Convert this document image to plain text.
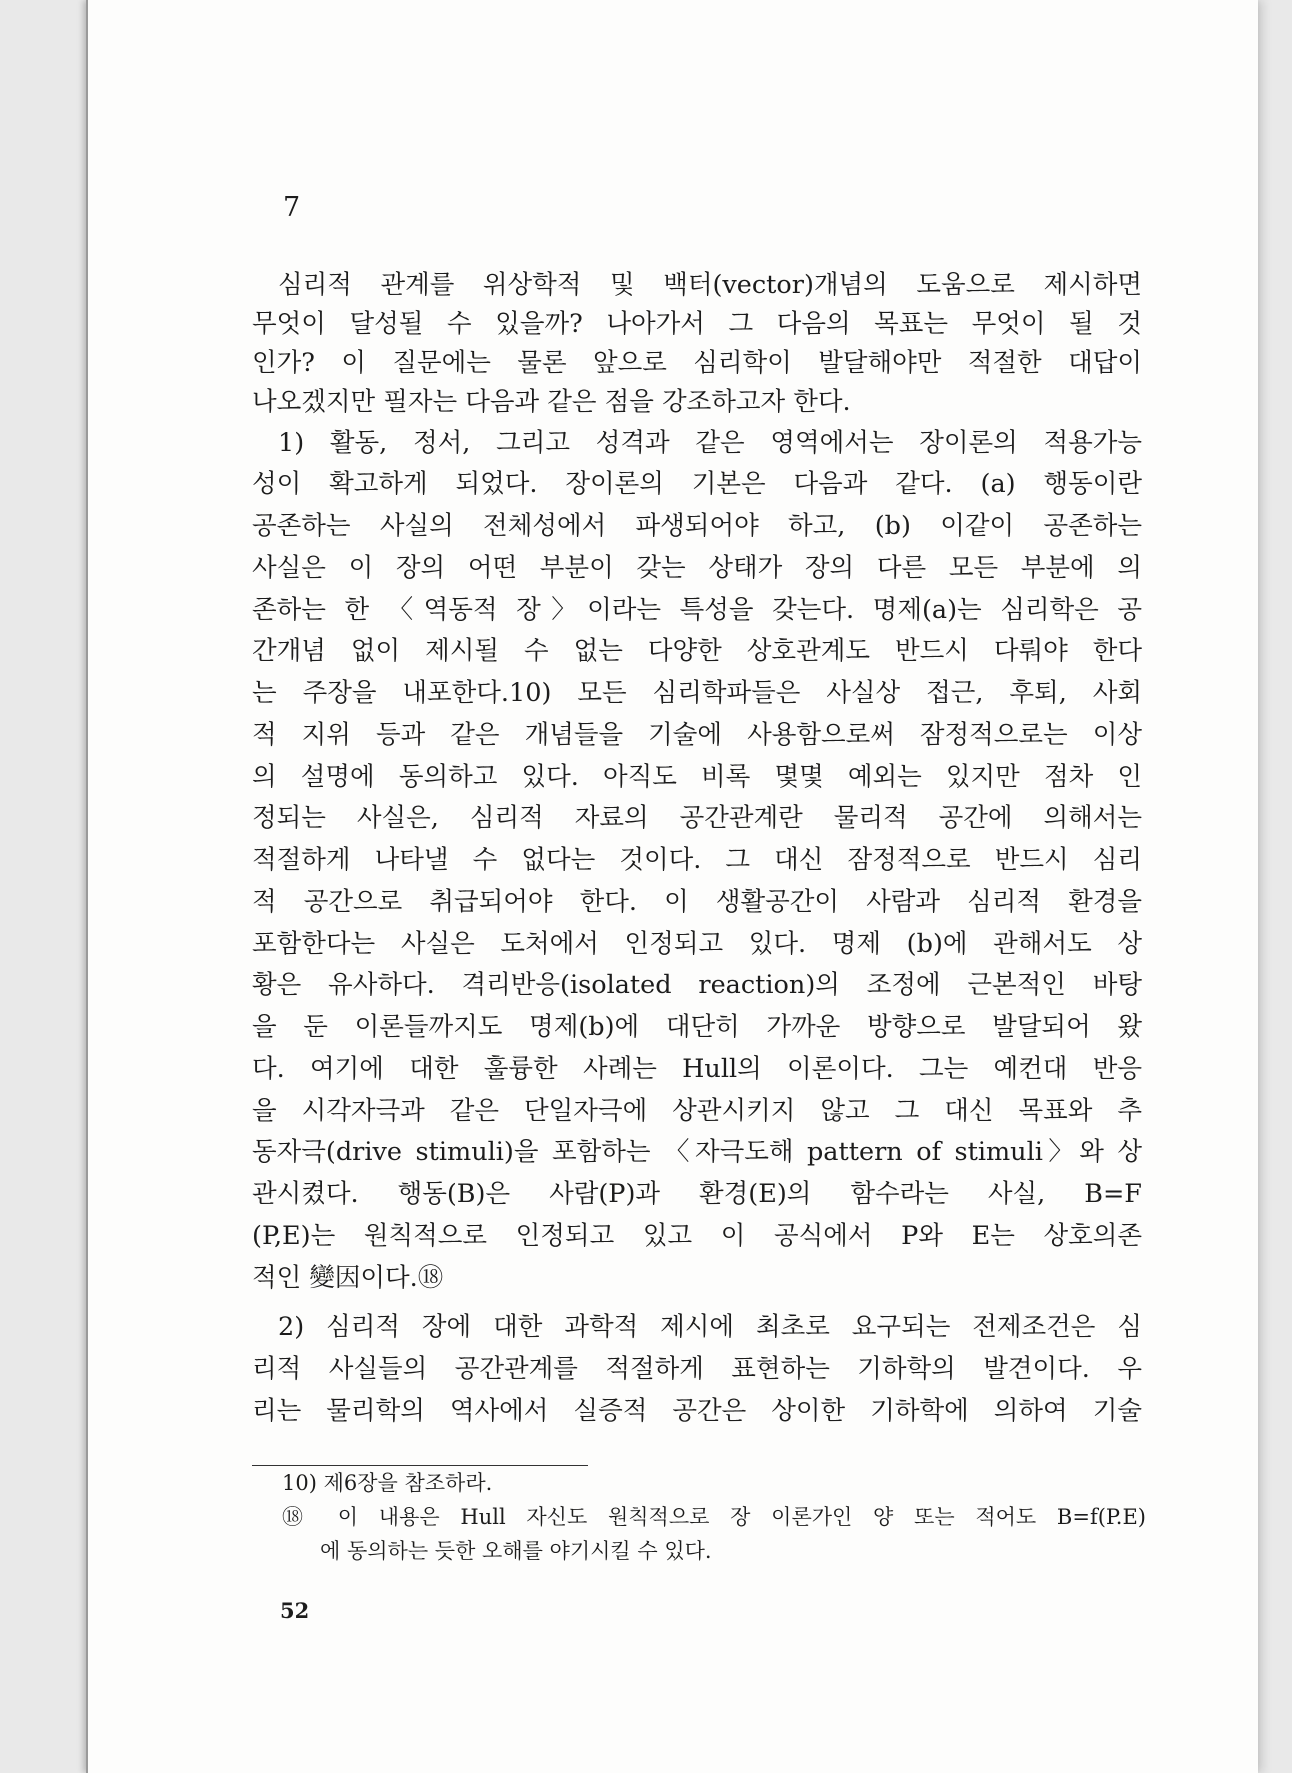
7
심리적 관계를 위상학적 및 백터(vector)개념의 도움으로 제시하면
무엇이 달성될 수 있을까? 나아가서 그 다음의 목표는 무엇이 될 것
인가? 이 질문에는 물론 앞으로 심리학이 발달해야만 적절한 대답이
나오겠지만 필자는 다음과 같은 점을 강조하고자 한다.
1) 활동, 정서, 그리고 성격과 같은 영역에서는 장이론의 적용가능
성이 확고하게 되었다. 장이론의 기본은 다음과 같다. (a) 행동이란
공존하는 사실의 전체성에서 파생되어야 하고, (b) 이같이 공존하는
사실은 이 장의 어떤 부분이 갖는 상태가 장의 다른 모든 부분에 의
존하는 한 〈역동적 장〉이라는 특성을 갖는다. 명제(a)는 심리학은 공
간개념 없이 제시될 수 없는 다양한 상호관계도 반드시 다뤄야 한다
는 주장을 내포한다.10) 모든 심리학파들은 사실상 접근, 후퇴, 사회
적 지위 등과 같은 개념들을 기술에 사용함으로써 잠정적으로는 이상
의 설명에 동의하고 있다. 아직도 비록 몇몇 예외는 있지만 점차 인
정되는 사실은, 심리적 자료의 공간관계란 물리적 공간에 의해서는
적절하게 나타낼 수 없다는 것이다. 그 대신 잠정적으로 반드시 심리
적 공간으로 취급되어야 한다. 이 생활공간이 사람과 심리적 환경을
포함한다는 사실은 도처에서 인정되고 있다. 명제 (b)에 관해서도 상
황은 유사하다. 격리반응(isolated reaction)의 조정에 근본적인 바탕
을 둔 이론들까지도 명제(b)에 대단히 가까운 방향으로 발달되어 왔
다. 여기에 대한 훌륭한 사례는 Hull의 이론이다. 그는 예컨대 반응
을 시각자극과 같은 단일자극에 상관시키지 않고 그 대신 목표와 추
동자극(drive stimuli)을 포함하는 〈자극도해 pattern of stimuli〉와 상
관시켰다. 행동(B)은 사람(P)과 환경(E)의 함수라는 사실, B=F
(P,E)는 원칙적으로 인정되고 있고 이 공식에서 P와 E는 상호의존
적인 變因이다.⑱
2) 심리적 장에 대한 과학적 제시에 최초로 요구되는 전제조건은 심
리적 사실들의 공간관계를 적절하게 표현하는 기하학의 발견이다. 우
리는 물리학의 역사에서 실증적 공간은 상이한 기하학에 의하여 기술
10) 제6장을 참조하라.
⑱ 이 내용은 Hull 자신도 원칙적으로 장 이론가인 양 또는 적어도 B=f(P.E)
에 동의하는 듯한 오해를 야기시킬 수 있다.
52
